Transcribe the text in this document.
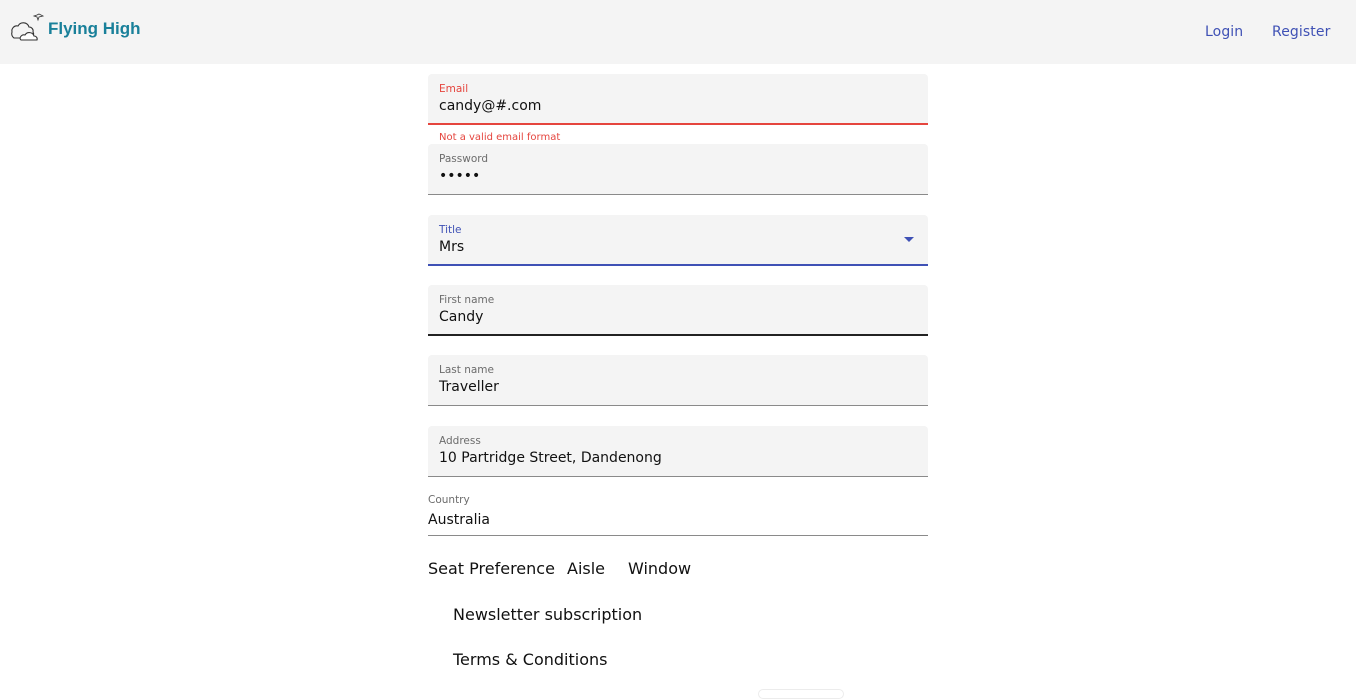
Flying High	Login Register
Email
candy@#.com
Not a valid email format
Password
•••••
Title
Mrs
First name
Candy
Last name
Traveller
Address
10 Partridge Street, Dandenong
Country
Australia
Seat Preference Aisle Window
Newsletter subscription
Terms & Conditions
